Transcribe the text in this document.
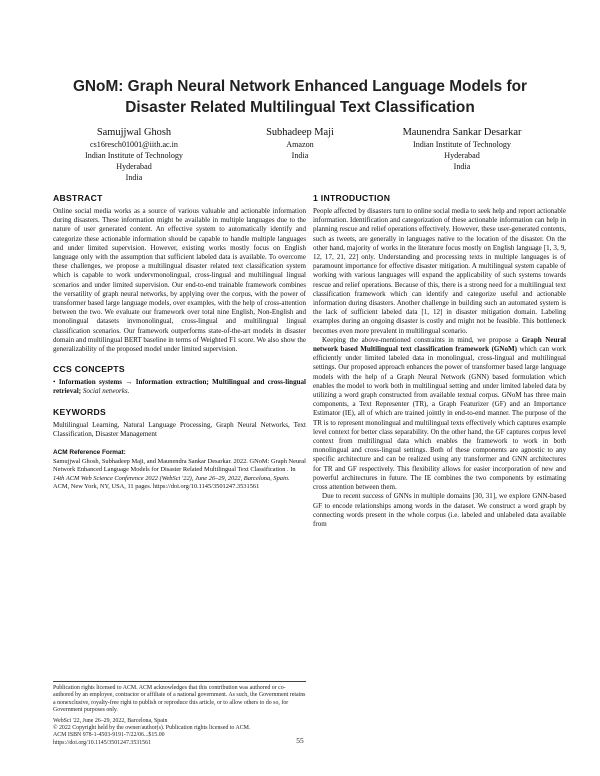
GNoM: Graph Neural Network Enhanced Language Models for
Disaster Related Multilingual Text Classification
Samujjwal Ghosh
cs16resch01001@iith.ac.in
Indian Institute of Technology
Hyderabad
India
Subhadeep Maji
Amazon
India
Maunendra Sankar Desarkar
Indian Institute of Technology
Hyderabad
India
ABSTRACT

Online social media works as a source of various valuable and actionable information during disasters. These information might be available in multiple languages due to the nature of user generated content. An effective system to automatically identify and categorize these actionable information should be capable to handle multiple languages and under limited supervision. However, existing works mostly focus on English language only with the assumption that sufficient labeled data is available. To overcome these challenges, we propose a multilingual disaster related text classification system which is capable to work undervmonolingual, cross-lingual and multilingual lingual scenarios and under limited supervision. Our end-to-end trainable framework combines the versatility of graph neural networks, by applying over the corpus, with the power of transformer based large language models, over examples, with the help of cross-attention between the two. We evaluate our framework over total nine English, Non-English and monolingual datasets invmonolingual, cross-lingual and multilingual lingual classification scenarios. Our framework outperforms state-of-the-art models in disaster domain and multilingual BERT baseline in terms of Weighted F1 score. We also show the generalizability of the proposed model under limited supervision.

CCS CONCEPTS

• Information systems → Information extraction; Multilingual and cross-lingual retrieval; Social networks.

KEYWORDS

Multilingual Learning, Natural Language Processing, Graph Neural Networks, Text Classification, Disaster Management

ACM Reference Format:
Samujjwal Ghosh, Subhadeep Maji, and Maunendra Sankar Desarkar. 2022. GNoM: Graph Neural Network Enhanced Language Models for Disaster Related Multilingual Text Classification . In 14th ACM Web Science Conference 2022 (WebSci '22), June 26–29, 2022, Barcelona, Spain. ACM, New York, NY, USA, 11 pages. https://doi.org/10.1145/3501247.3531561

Publication rights licensed to ACM. ACM acknowledges that this contribution was authored or co-authored by an employee, contractor or affiliate of a national government. As such, the Government retains a nonexclusive, royalty-free right to publish or reproduce this article, or to allow others to do so, for Government purposes only.

WebSci '22, June 26–29, 2022, Barcelona, Spain
© 2022 Copyright held by the owner/author(s). Publication rights licensed to ACM.
ACM ISBN 978-1-4503-9191-7/22/06...$15.00
https://doi.org/10.1145/3501247.3531561
1 INTRODUCTION

People affected by disasters turn to online social media to seek help and report actionable information. Identification and categorization of these actionable information can help in planning rescue and relief operations effectively. However, these user-generated contents, such as tweets, are generally in languages native to the location of the disaster. On the other hand, majority of works in the literature focus mostly on English language [1, 3, 9, 12, 17, 21, 22] only. Understanding and processing texts in multiple languages is of paramount importance for effective disaster mitigation. A multilingual system capable of working with various languages will expand the applicability of such systems towards rescue and relief operations. Because of this, there is a strong need for a multilingual text classification framework which can identify and categorize useful and actionable information during disasters. Another challenge in building such an automated system is the lack of sufficient labeled data [1, 12] in disaster mitigation domain. Labeling examples during an ongoing disaster is costly and might not be feasible. This bottleneck becomes even more prevalent in multilingual scenario.

Keeping the above-mentioned constraints in mind, we propose a Graph Neural network based Multilingual text classification framework (GNoM) which can work efficiently under limited labeled data in monolingual, cross-lingual and multilingual settings. Our proposed approach enhances the power of transformer based large language models with the help of a Graph Neural Network (GNN) based formulation which enables the model to work both in multilingual setting and under limited labeled data by utilizing a word graph constructed from available textual corpus. GNoM has three main components, a Text Representer (TR), a Graph Featurizer (GF) and an Importance Estimator (IE), all of which are trained jointly in end-to-end manner. The purpose of the TR is to represent monolingual and multilingual texts effectively which captures example level context for better class separability. On the other hand, the GF captures corpus level context from multilingual data which enables the framework to work in both monolingual and cross-lingual settings. Both of these components are agnostic to any specific architecture and can be realized using any transformer and GNN architectures for TR and GF respectively. This flexibility allows for easier incorporation of new and powerful architectures in future. The IE combines the two components by estimating cross attention between them.

Due to recent success of GNNs in multiple domains [30, 31], we explore GNN-based GF to encode relationships among words in the dataset. We construct a word graph by connecting words present in the whole corpus (i.e. labeled and unlabeled data available from

55
